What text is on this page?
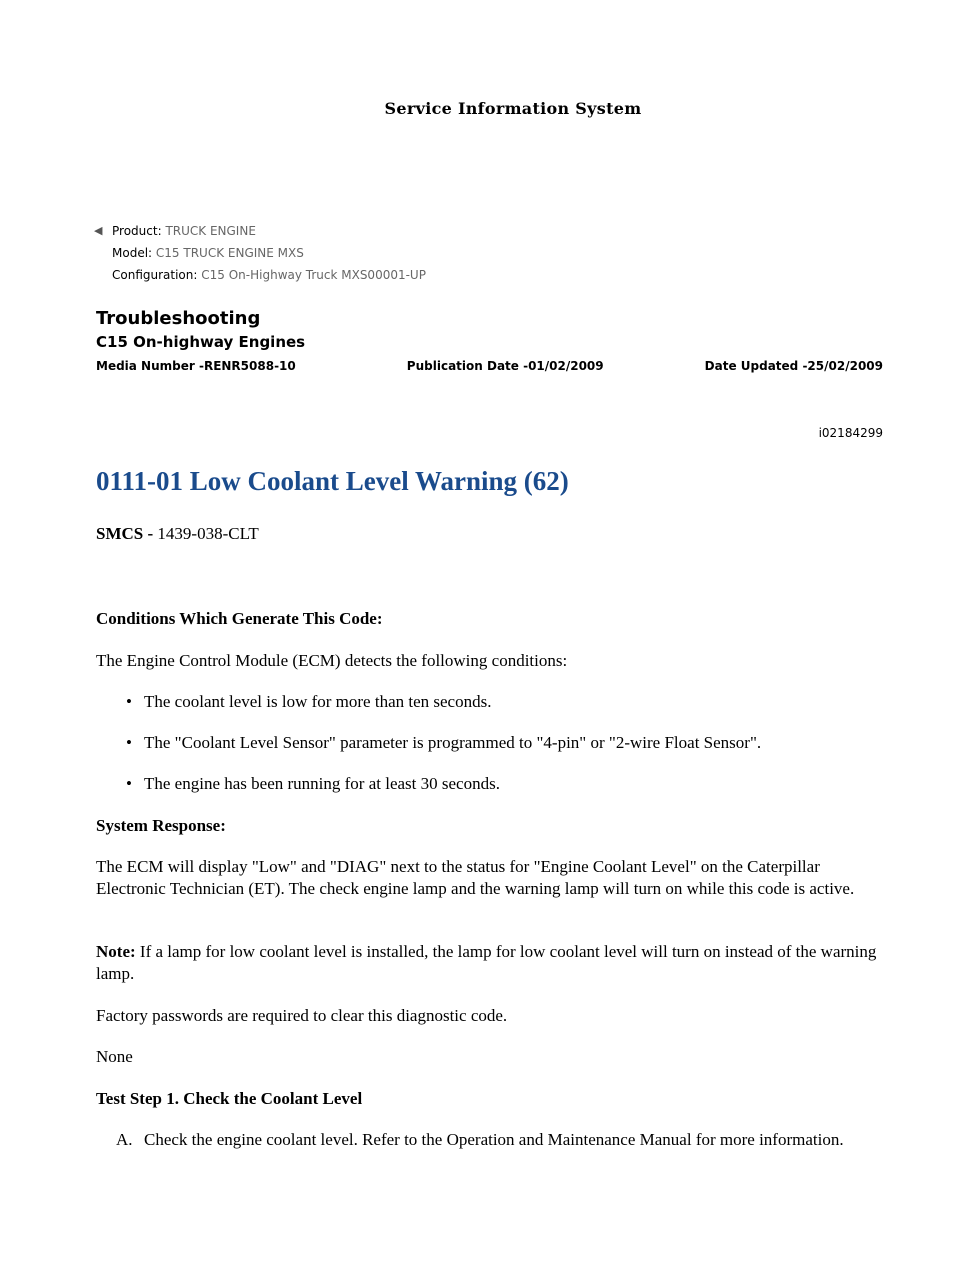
Service Information System
◀ Product: TRUCK ENGINE
Model: C15 TRUCK ENGINE MXS
Configuration: C15 On-Highway Truck MXS00001-UP
Troubleshooting
C15 On-highway Engines
Media Number -RENR5088-10	Publication Date -01/02/2009	Date Updated -25/02/2009
i02184299
0111-01 Low Coolant Level Warning (62)
SMCS - 1439-038-CLT
Conditions Which Generate This Code:
The Engine Control Module (ECM) detects the following conditions:
• The coolant level is low for more than ten seconds.
• The "Coolant Level Sensor" parameter is programmed to "4-pin" or "2-wire Float Sensor".
• The engine has been running for at least 30 seconds.
System Response:
The ECM will display "Low" and "DIAG" next to the status for "Engine Coolant Level" on the Caterpillar Electronic Technician (ET). The check engine lamp and the warning lamp will turn on while this code is active.
Note: If a lamp for low coolant level is installed, the lamp for low coolant level will turn on instead of the warning lamp.
Factory passwords are required to clear this diagnostic code.
None
Test Step 1. Check the Coolant Level
A. Check the engine coolant level. Refer to the Operation and Maintenance Manual for more information.
